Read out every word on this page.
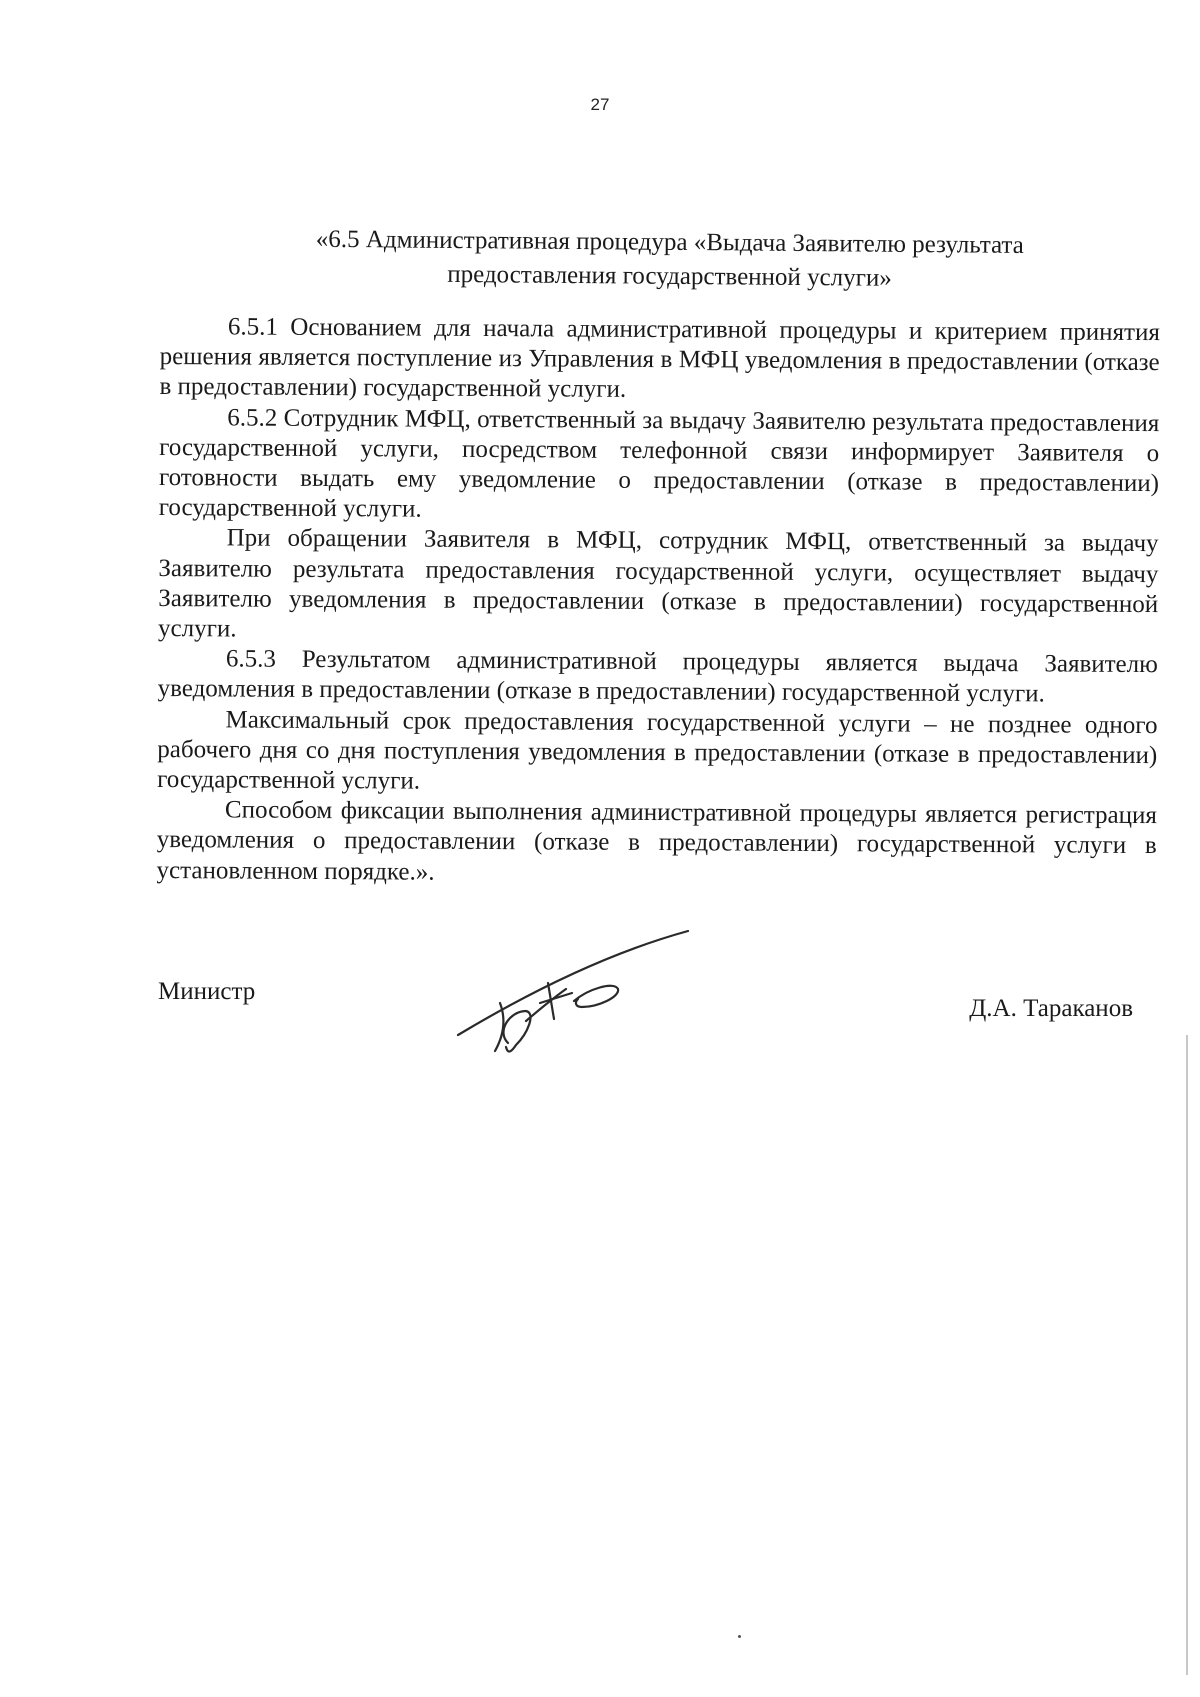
27
«6.5 Административная процедура «Выдача Заявителю результата
предоставления государственной услуги»

6.5.1 Основанием для начала административной процедуры и критерием принятия решения является поступление из Управления в МФЦ уведомления в предоставлении (отказе в предоставлении) государственной услуги.

6.5.2 Сотрудник МФЦ, ответственный за выдачу Заявителю результата предоставления государственной услуги, посредством телефонной связи информирует Заявителя о готовности выдать ему уведомление о предоставлении (отказе в предоставлении) государственной услуги.

При обращении Заявителя в МФЦ, сотрудник МФЦ, ответственный за выдачу Заявителю результата предоставления государственной услуги, осуществляет выдачу Заявителю уведомления в предоставлении (отказе в предоставлении) государственной услуги.

6.5.3 Результатом административной процедуры является выдача Заявителю уведомления в предоставлении (отказе в предоставлении) государственной услуги.

Максимальный срок предоставления государственной услуги – не позднее одного рабочего дня со дня поступления уведомления в предоставлении (отказе в предоставлении) государственной услуги.

Способом фиксации выполнения административной процедуры является регистрация уведомления о предоставлении (отказе в предоставлении) государственной услуги в установленном порядке.».

Министр
Д.А. Тараканов
